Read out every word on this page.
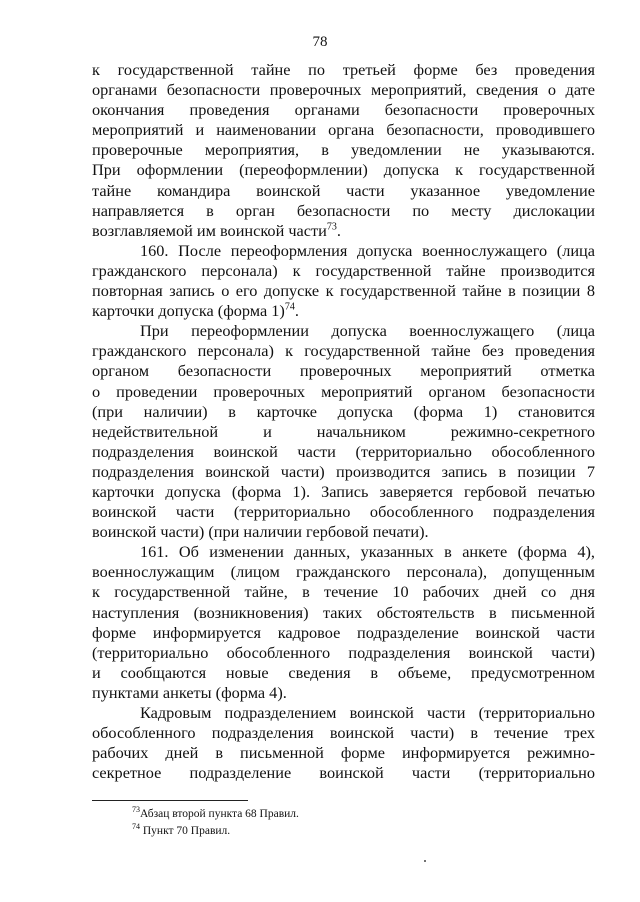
78
к государственной тайне по третьей форме без проведения
органами безопасности проверочных мероприятий, сведения о дате
окончания проведения органами безопасности проверочных
мероприятий и наименовании органа безопасности, проводившего
проверочные мероприятия, в уведомлении не указываются.
При оформлении (переоформлении) допуска к государственной
тайне командира воинской части указанное уведомление
направляется в орган безопасности по месту дислокации
возглавляемой им воинской части$^{73}$.
160. После переоформления допуска военнослужащего (лица
гражданского персонала) к государственной тайне производится
повторная запись о его допуске к государственной тайне в позиции 8
карточки допуска (форма 1)$^{74}$.
При переоформлении допуска военнослужащего (лица
гражданского персонала) к государственной тайне без проведения
органом безопасности проверочных мероприятий отметка
о проведении проверочных мероприятий органом безопасности
(при наличии) в карточке допуска (форма 1) становится
недействительной и начальником режимно-секретного
подразделения воинской части (территориально обособленного
подразделения воинской части) производится запись в позиции 7
карточки допуска (форма 1). Запись заверяется гербовой печатью
воинской части (территориально обособленного подразделения
воинской части) (при наличии гербовой печати).
161. Об изменении данных, указанных в анкете (форма 4),
военнослужащим (лицом гражданского персонала), допущенным
к государственной тайне, в течение 10 рабочих дней со дня
наступления (возникновения) таких обстоятельств в письменной
форме информируется кадровое подразделение воинской части
(территориально обособленного подразделения воинской части)
и сообщаются новые сведения в объеме, предусмотренном
пунктами анкеты (форма 4).
Кадровым подразделением воинской части (территориально
обособленного подразделения воинской части) в течение трех
рабочих дней в письменной форме информируется режимно-
секретное подразделение воинской части (территориально
$^{73}$Абзац второй пункта 68 Правил.
$^{74}$ Пункт 70 Правил.
